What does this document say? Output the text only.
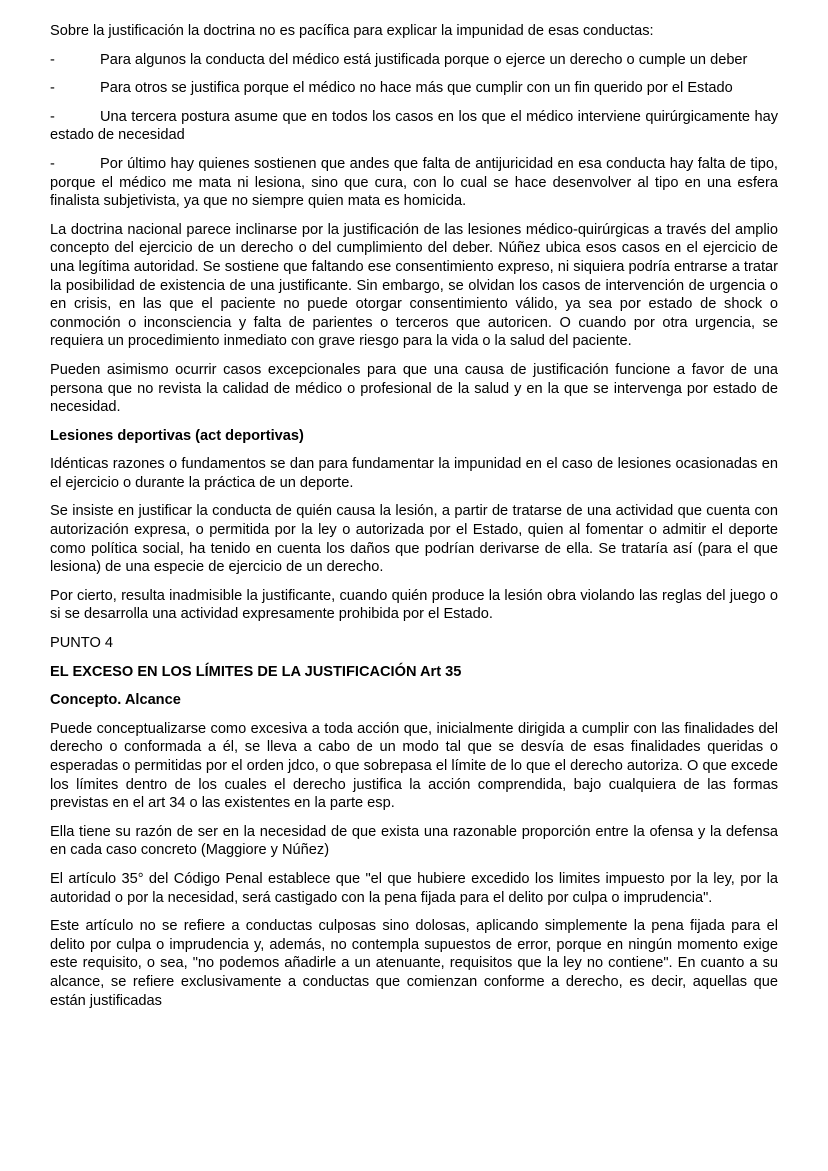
Sobre la justificación la doctrina no es pacífica para explicar la impunidad de esas conductas:

-	Para algunos la conducta del médico está justificada porque o ejerce un derecho o cumple un deber
-	Para otros se justifica porque el médico no hace más que cumplir con un fin querido por el Estado
-	Una tercera postura asume que en todos los casos en los que el médico interviene quirúrgicamente hay estado de necesidad
-	Por último hay quienes sostienen que andes que falta de antijuricidad en esa conducta hay falta de tipo, porque el médico me mata ni lesiona, sino que cura, con lo cual se hace desenvolver al tipo en una esfera finalista subjetivista, ya que no siempre quien mata es homicida.

La doctrina nacional parece inclinarse por la justificación de las lesiones médico-quirúrgicas a través del amplio concepto del ejercicio de un derecho o del cumplimiento del deber. Núñez ubica esos casos en el ejercicio de una legítima autoridad. Se sostiene que faltando ese consentimiento expreso, ni siquiera podría entrarse a tratar la posibilidad de existencia de una justificante. Sin embargo, se olvidan los casos de intervención de urgencia o en crisis, en las que el paciente no puede otorgar consentimiento válido, ya sea por estado de shock o conmoción o inconsciencia y falta de parientes o terceros que autoricen. O cuando por otra urgencia, se requiera un procedimiento inmediato con grave riesgo para la vida o la salud del paciente.

Pueden asimismo ocurrir casos excepcionales para que una causa de justificación funcione a favor de una persona que no revista la calidad de médico o profesional de la salud y en la que se intervenga por estado de necesidad.

Lesiones deportivas (act deportivas)

Idénticas razones o fundamentos se dan para fundamentar la impunidad en el caso de lesiones ocasionadas en el ejercicio o durante la práctica de un deporte.

Se insiste en justificar la conducta de quién causa la lesión, a partir de tratarse de una actividad que cuenta con autorización expresa, o permitida por la ley o autorizada por el Estado, quien al fomentar o admitir el deporte como política social, ha tenido en cuenta los daños que podrían derivarse de ella. Se trataría así (para el que lesiona) de una especie de ejercicio de un derecho.

Por cierto, resulta inadmisible la justificante, cuando quién produce la lesión obra violando las reglas del juego o si se desarrolla una actividad expresamente prohibida por el Estado.

PUNTO 4

EL EXCESO EN LOS LÍMITES DE LA JUSTIFICACIÓN Art 35

Concepto. Alcance

Puede conceptualizarse como excesiva a toda acción que, inicialmente dirigida a cumplir con las finalidades del derecho o conformada a él, se lleva a cabo de un modo tal que se desvía de esas finalidades queridas o esperadas o permitidas por el orden jdco, o que sobrepasa el límite de lo que el derecho autoriza. O que excede los límites dentro de los cuales el derecho justifica la acción comprendida, bajo cualquiera de las formas previstas en el art 34 o las existentes en la parte esp.

Ella tiene su razón de ser en la necesidad de que exista una razonable proporción entre la ofensa y la defensa en cada caso concreto (Maggiore y Núñez)

El artículo 35° del Código Penal establece que "el que hubiere excedido los limites impuesto por la ley, por la autoridad o por la necesidad, será castigado con la pena fijada para el delito por culpa o imprudencia".

Este artículo no se refiere a conductas culposas sino dolosas, aplicando simplemente la pena fijada para el delito por culpa o imprudencia y, además, no contempla supuestos de error, porque en ningún momento exige este requisito, o sea, "no podemos añadirle a un atenuante, requisitos que la ley no contiene". En cuanto a su alcance, se refiere exclusivamente a conductas que comienzan conforme a derecho, es decir, aquellas que están justificadas
